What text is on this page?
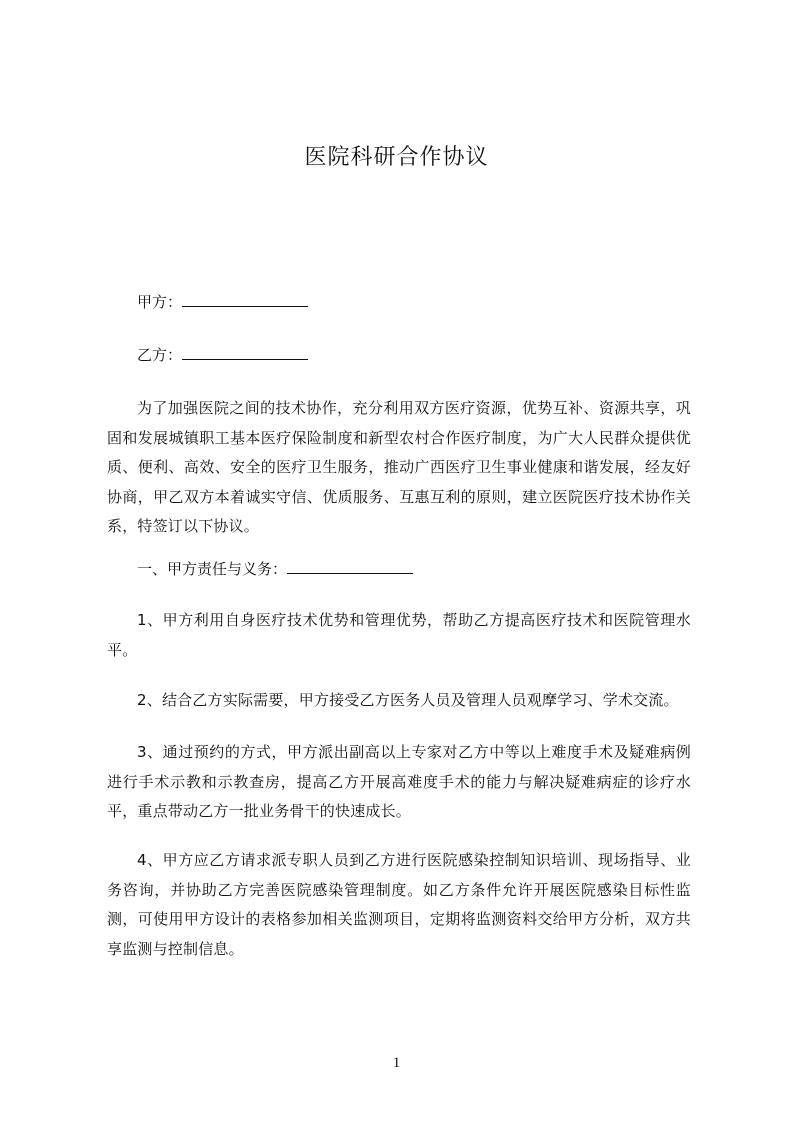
医院科研合作协议
甲方：
乙方：

为了加强医院之间的技术协作，充分利用双方医疗资源，优势互补、资源共享，巩固和发展城镇职工基本医疗保险制度和新型农村合作医疗制度，为广大人民群众提供优质、便利、高效、安全的医疗卫生服务，推动广西医疗卫生事业健康和谐发展，经友好协商，甲乙双方本着诚实守信、优质服务、互惠互利的原则，建立医院医疗技术协作关系，特签订以下协议。

一、甲方责任与义务：

1、甲方利用自身医疗技术优势和管理优势，帮助乙方提高医疗技术和医院管理水平。

2、结合乙方实际需要，甲方接受乙方医务人员及管理人员观摩学习、学术交流。

3、通过预约的方式，甲方派出副高以上专家对乙方中等以上难度手术及疑难病例进行手术示教和示教查房，提高乙方开展高难度手术的能力与解决疑难病症的诊疗水平，重点带动乙方一批业务骨干的快速成长。

4、甲方应乙方请求派专职人员到乙方进行医院感染控制知识培训、现场指导、业务咨询，并协助乙方完善医院感染管理制度。如乙方条件允许开展医院感染目标性监测，可使用甲方设计的表格参加相关监测项目，定期将监测资料交给甲方分析，双方共享监测与控制信息。

1
